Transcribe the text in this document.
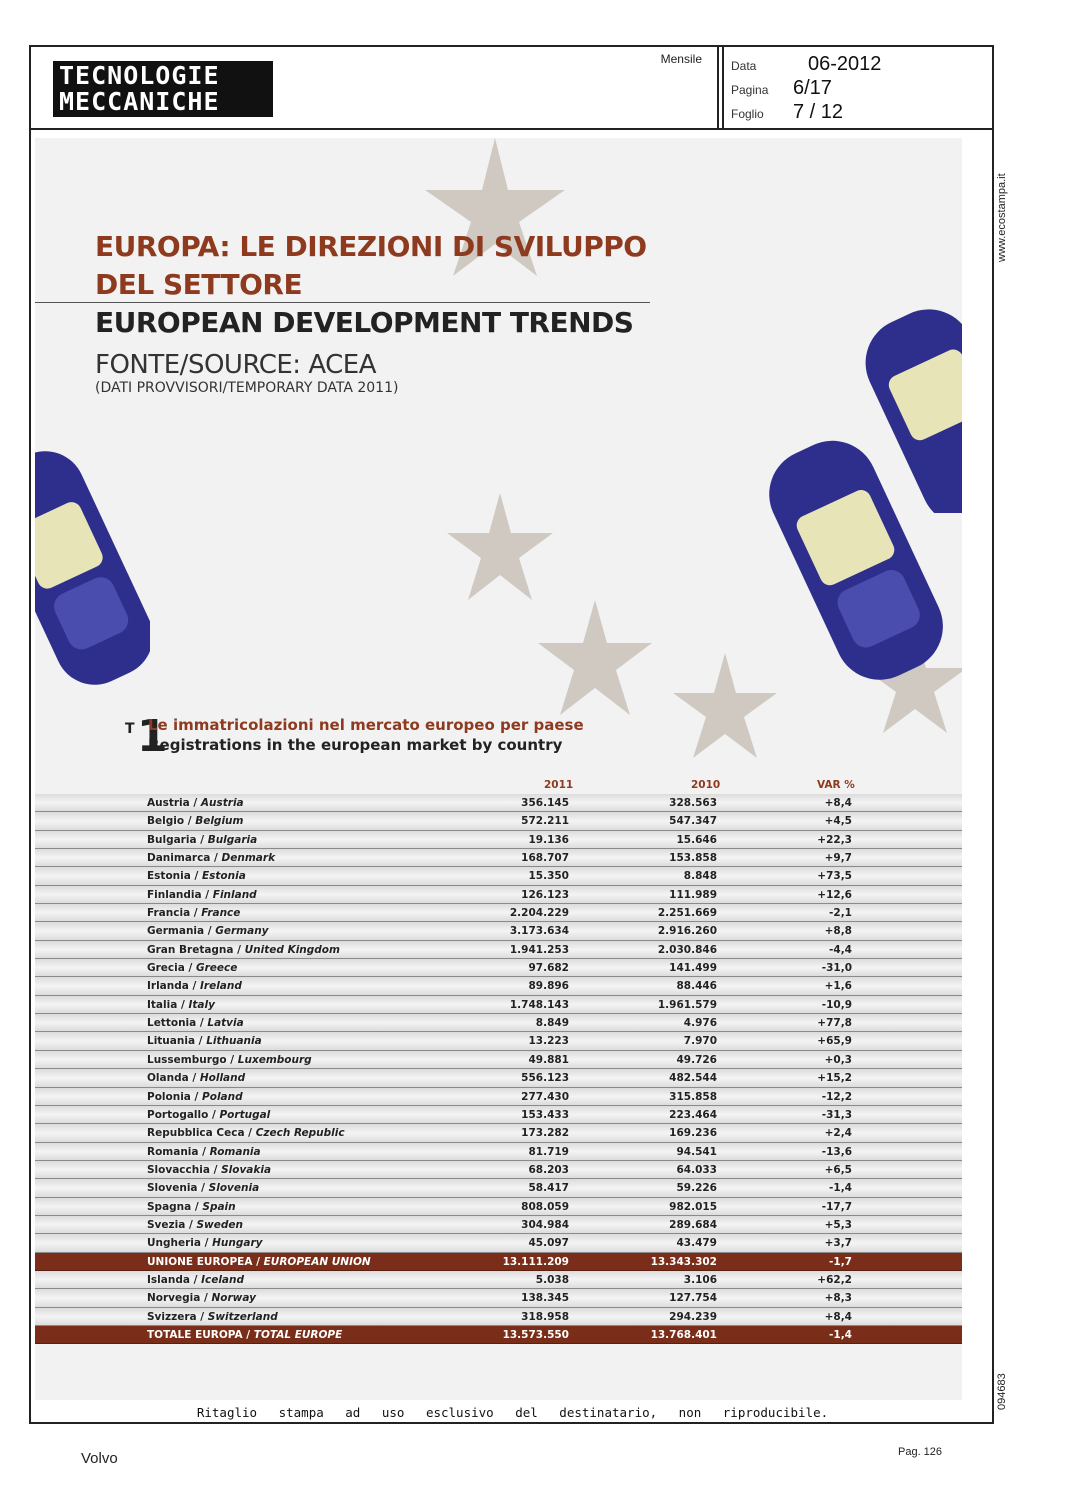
TECNOLOGIE
MECCANICHE
Mensile Data	06-2012
Pagina	6/17
Foglio	7 / 12
www.ecostampa.it
094683
EUROPA: LE DIREZIONI DI SVILUPPO
DEL SETTORE
EUROPEAN DEVELOPMENT TRENDS
FONTE/SOURCE: ACEA
(DATI PROVVISORI/TEMPORARY DATA 2011)
T 1
Le immatricolazioni nel mercato europeo per paese
Registrations in the european market by country
2011	2010	VAR %
Austria / Austria	356.145	328.563	+8,4
Belgio / Belgium	572.211	547.347	+4,5
Bulgaria / Bulgaria	19.136	15.646	+22,3
Danimarca / Denmark	168.707	153.858	+9,7
Estonia / Estonia	15.350	8.848	+73,5
Finlandia / Finland	126.123	111.989	+12,6
Francia / France	2.204.229	2.251.669	-2,1
Germania / Germany	3.173.634	2.916.260	+8,8
Gran Bretagna / United Kingdom	1.941.253	2.030.846	-4,4
Grecia / Greece	97.682	141.499	-31,0
Irlanda / Ireland	89.896	88.446	+1,6
Italia / Italy	1.748.143	1.961.579	-10,9
Lettonia / Latvia	8.849	4.976	+77,8
Lituania / Lithuania	13.223	7.970	+65,9
Lussemburgo / Luxembourg	49.881	49.726	+0,3
Olanda / Holland	556.123	482.544	+15,2
Polonia / Poland	277.430	315.858	-12,2
Portogallo / Portugal	153.433	223.464	-31,3
Repubblica Ceca / Czech Republic	173.282	169.236	+2,4
Romania / Romania	81.719	94.541	-13,6
Slovacchia / Slovakia	68.203	64.033	+6,5
Slovenia / Slovenia	58.417	59.226	-1,4
Spagna / Spain	808.059	982.015	-17,7
Svezia / Sweden	304.984	289.684	+5,3
Ungheria / Hungary	45.097	43.479	+3,7
UNIONE EUROPEA / EUROPEAN UNION	13.111.209	13.343.302	-1,7
Islanda / Iceland	5.038	3.106	+62,2
Norvegia / Norway	138.345	127.754	+8,3
Svizzera / Switzerland	318.958	294.239	+8,4
TOTALE EUROPA / TOTAL EUROPE	13.573.550	13.768.401	-1,4
Ritaglio stampa ad uso esclusivo del destinatario, non riproducibile.
Volvo	Pag. 126
